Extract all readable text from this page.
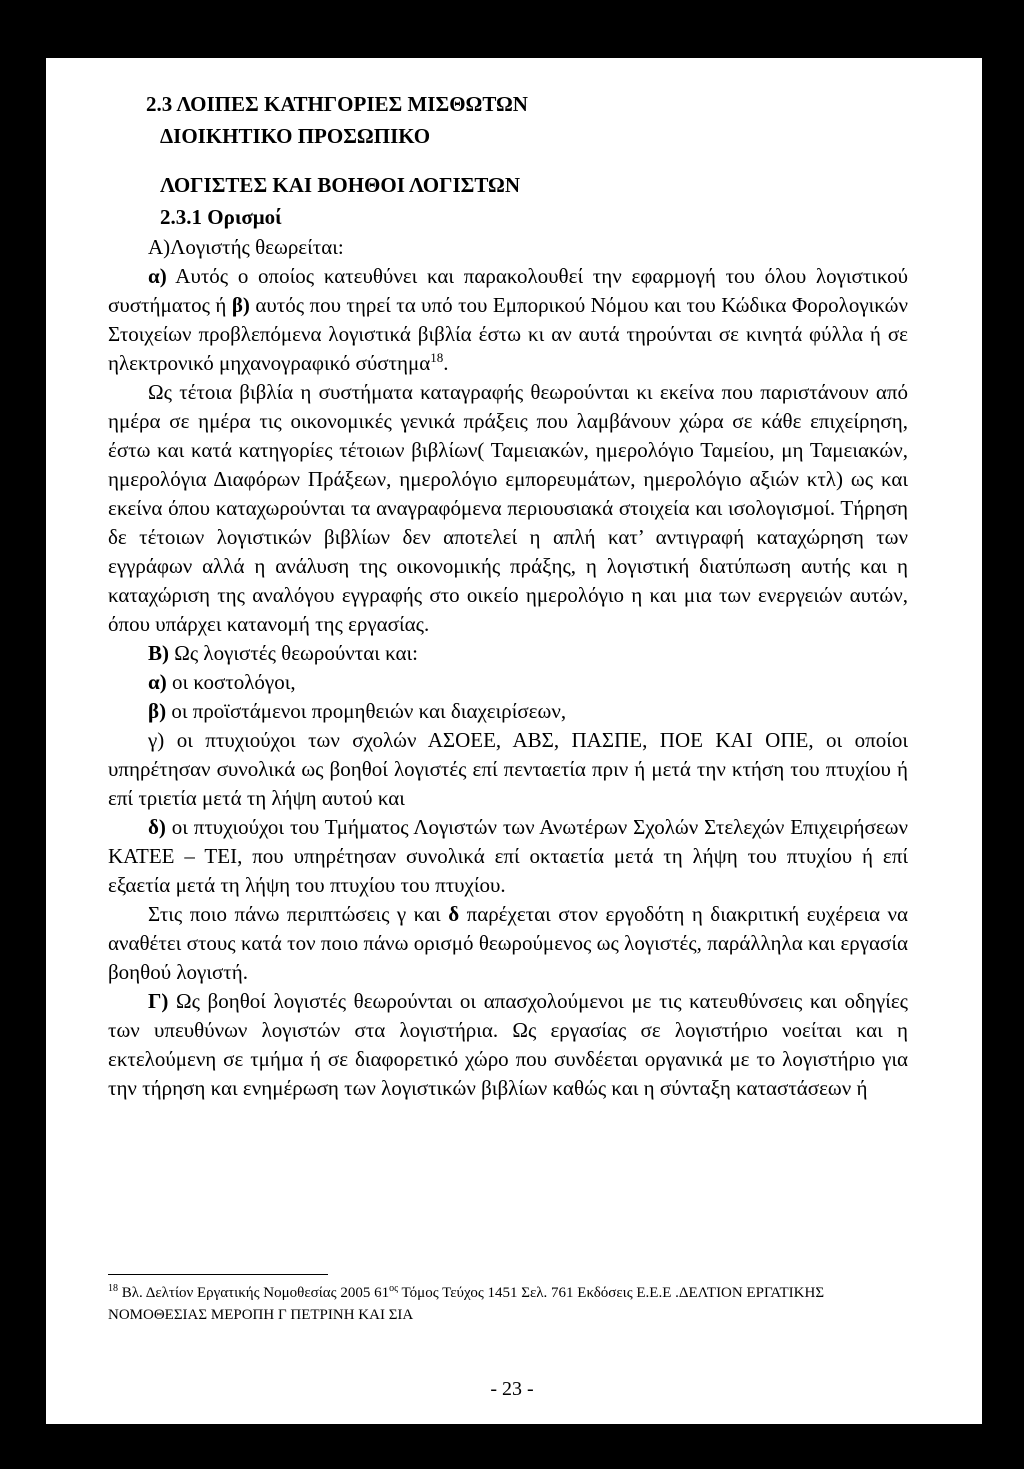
2.3 ΛΟΙΠΕΣ ΚΑΤΗΓΟΡΙΕΣ ΜΙΣΘΩΤΩΝ

ΔΙΟΙΚΗΤΙΚΟ ΠΡΟΣΩΠΙΚΟ

ΛΟΓΙΣΤΕΣ ΚΑΙ ΒΟΗΘΟΙ ΛΟΓΙΣΤΩΝ

2.3.1 Ορισμοί

Α)Λογιστής θεωρείται:

α) Αυτός ο οποίος κατευθύνει και παρακολουθεί την εφαρμογή του όλου λογιστικού συστήματος ή β) αυτός που τηρεί τα υπό του Εμπορικού Νόμου και του Κώδικα Φορολογικών Στοιχείων προβλεπόμενα λογιστικά βιβλία έστω κι αν αυτά τηρούνται σε κινητά φύλλα ή σε ηλεκτρονικό μηχανογραφικό σύστημα$^{18}$.

Ως τέτοια βιβλία η συστήματα καταγραφής θεωρούνται κι εκείνα που παριστάνουν από ημέρα σε ημέρα τις οικονομικές γενικά πράξεις που λαμβάνουν χώρα σε κάθε επιχείρηση, έστω και κατά κατηγορίες τέτοιων βιβλίων( Ταμειακών, ημερολόγιο Ταμείου, μη Ταμειακών, ημερολόγια Διαφόρων Πράξεων, ημερολόγιο εμπορευμάτων, ημερολόγιο αξιών κτλ) ως και εκείνα όπου καταχωρούνται τα αναγραφόμενα περιουσιακά στοιχεία και ισολογισμοί. Τήρηση δε τέτοιων λογιστικών βιβλίων δεν αποτελεί η απλή κατ’ αντιγραφή καταχώρηση των εγγράφων αλλά η ανάλυση της οικονομικής πράξης, η λογιστική διατύπωση αυτής και η καταχώριση της αναλόγου εγγραφής στο οικείο ημερολόγιο η και μια των ενεργειών αυτών, όπου υπάρχει κατανομή της εργασίας.

Β) Ως λογιστές θεωρούνται και:

α) οι κοστολόγοι,

β) οι προϊστάμενοι προμηθειών και διαχειρίσεων,

γ) οι πτυχιούχοι των σχολών ΑΣΟΕΕ, ΑΒΣ, ΠΑΣΠΕ, ΠΟΕ ΚΑΙ ΟΠΕ, οι οποίοι υπηρέτησαν συνολικά ως βοηθοί λογιστές επί πενταετία πριν ή μετά την κτήση του πτυχίου ή επί τριετία μετά τη λήψη αυτού και

δ) οι πτυχιούχοι του Τμήματος Λογιστών των Ανωτέρων Σχολών Στελεχών Επιχειρήσεων ΚΑΤΕΕ – ΤΕΙ, που υπηρέτησαν συνολικά επί οκταετία μετά τη λήψη του πτυχίου ή επί εξαετία μετά τη λήψη του πτυχίου του πτυχίου.

Στις ποιο πάνω περιπτώσεις γ και δ παρέχεται στον εργοδότη η διακριτική ευχέρεια να αναθέτει στους κατά τον ποιο πάνω ορισμό θεωρούμενος ως λογιστές, παράλληλα και εργασία βοηθού λογιστή.

Γ) Ως βοηθοί λογιστές θεωρούνται οι απασχολούμενοι με τις κατευθύνσεις και οδηγίες των υπευθύνων λογιστών στα λογιστήρια. Ως εργασίας σε λογιστήριο νοείται και η εκτελούμενη σε τμήμα ή σε διαφορετικό χώρο που συνδέεται οργανικά με το λογιστήριο για την τήρηση και ενημέρωση των λογιστικών βιβλίων καθώς και η σύνταξη καταστάσεων ή

$^{18}$ Βλ. Δελτίον Εργατικής Νομοθεσίας 2005 $61^{o\varsigma}$ Τόμος Τεύχος 1451 Σελ. 761 Εκδόσεις Ε.Ε.Ε .ΔΕΛΤΙΟΝ ΕΡΓΑΤΙΚΗΣ ΝΟΜΟΘΕΣΙΑΣ ΜΕΡΟΠΗ Γ ΠΕΤΡΙΝΗ ΚΑΙ ΣΙΑ
- 23 -
